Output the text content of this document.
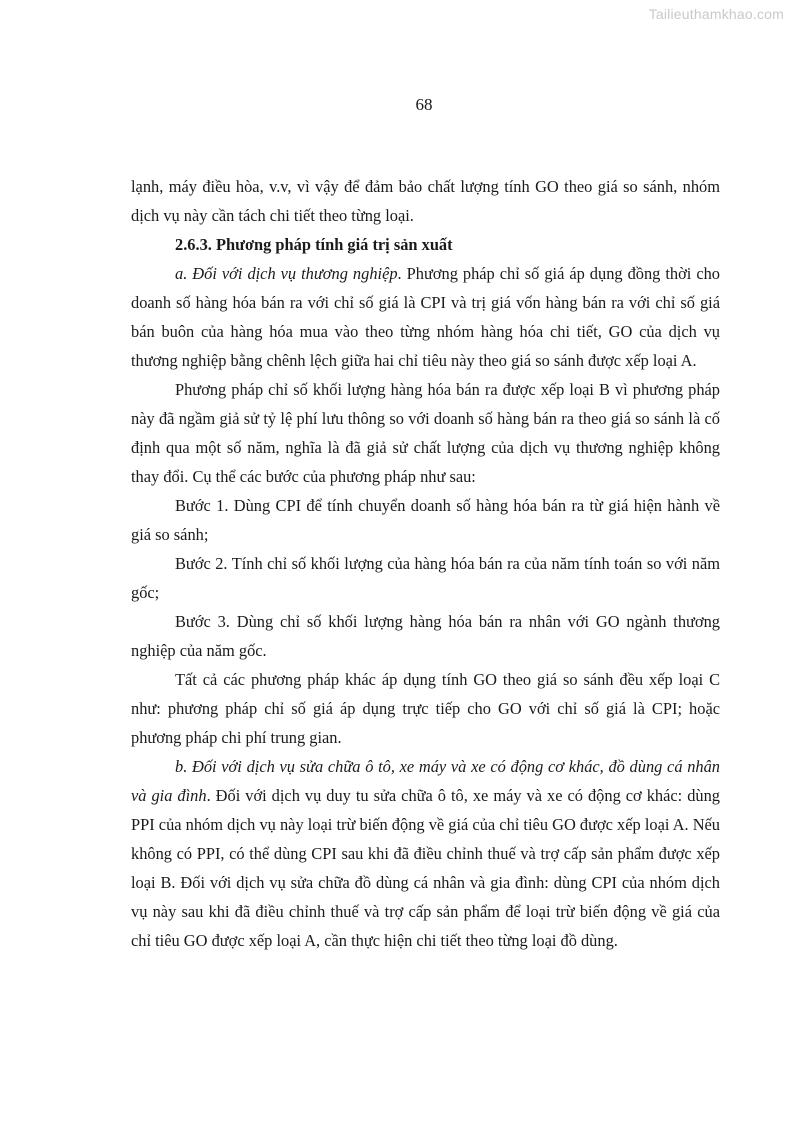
Tailieuthamkhao.com
68

lạnh, máy điều hòa, v.v, vì vậy để đảm bảo chất lượng tính GO theo giá so sánh, nhóm dịch vụ này cần tách chi tiết theo từng loại.

2.6.3. Phương pháp tính giá trị sản xuất

a. Đối với dịch vụ thương nghiệp. Phương pháp chỉ số giá áp dụng đồng thời cho doanh số hàng hóa bán ra với chỉ số giá là CPI và trị giá vốn hàng bán ra với chỉ số giá bán buôn của hàng hóa mua vào theo từng nhóm hàng hóa chi tiết, GO của dịch vụ thương nghiệp bằng chênh lệch giữa hai chỉ tiêu này theo giá so sánh được xếp loại A.

Phương pháp chỉ số khối lượng hàng hóa bán ra được xếp loại B vì phương pháp này đã ngầm giả sử tỷ lệ phí lưu thông so với doanh số hàng bán ra theo giá so sánh là cố định qua một số năm, nghĩa là đã giả sử chất lượng của dịch vụ thương nghiệp không thay đổi. Cụ thể các bước của phương pháp như sau:

Bước 1. Dùng CPI để tính chuyển doanh số hàng hóa bán ra từ giá hiện hành về giá so sánh;

Bước 2. Tính chỉ số khối lượng của hàng hóa bán ra của năm tính toán so với năm gốc;

Bước 3. Dùng chỉ số khối lượng hàng hóa bán ra nhân với GO ngành thương nghiệp của năm gốc.

Tất cả các phương pháp khác áp dụng tính GO theo giá so sánh đều xếp loại C như: phương pháp chỉ số giá áp dụng trực tiếp cho GO với chỉ số giá là CPI; hoặc phương pháp chi phí trung gian.

b. Đối với dịch vụ sửa chữa ô tô, xe máy và xe có động cơ khác, đồ dùng cá nhân và gia đình. Đối với dịch vụ duy tu sửa chữa ô tô, xe máy và xe có động cơ khác: dùng PPI của nhóm dịch vụ này loại trừ biến động về giá của chỉ tiêu GO được xếp loại A. Nếu không có PPI, có thể dùng CPI sau khi đã điều chỉnh thuế và trợ cấp sản phẩm được xếp loại B. Đối với dịch vụ sửa chữa đồ dùng cá nhân và gia đình: dùng CPI của nhóm dịch vụ này sau khi đã điều chỉnh thuế và trợ cấp sản phẩm để loại trừ biến động về giá của chỉ tiêu GO được xếp loại A, cần thực hiện chi tiết theo từng loại đồ dùng.
